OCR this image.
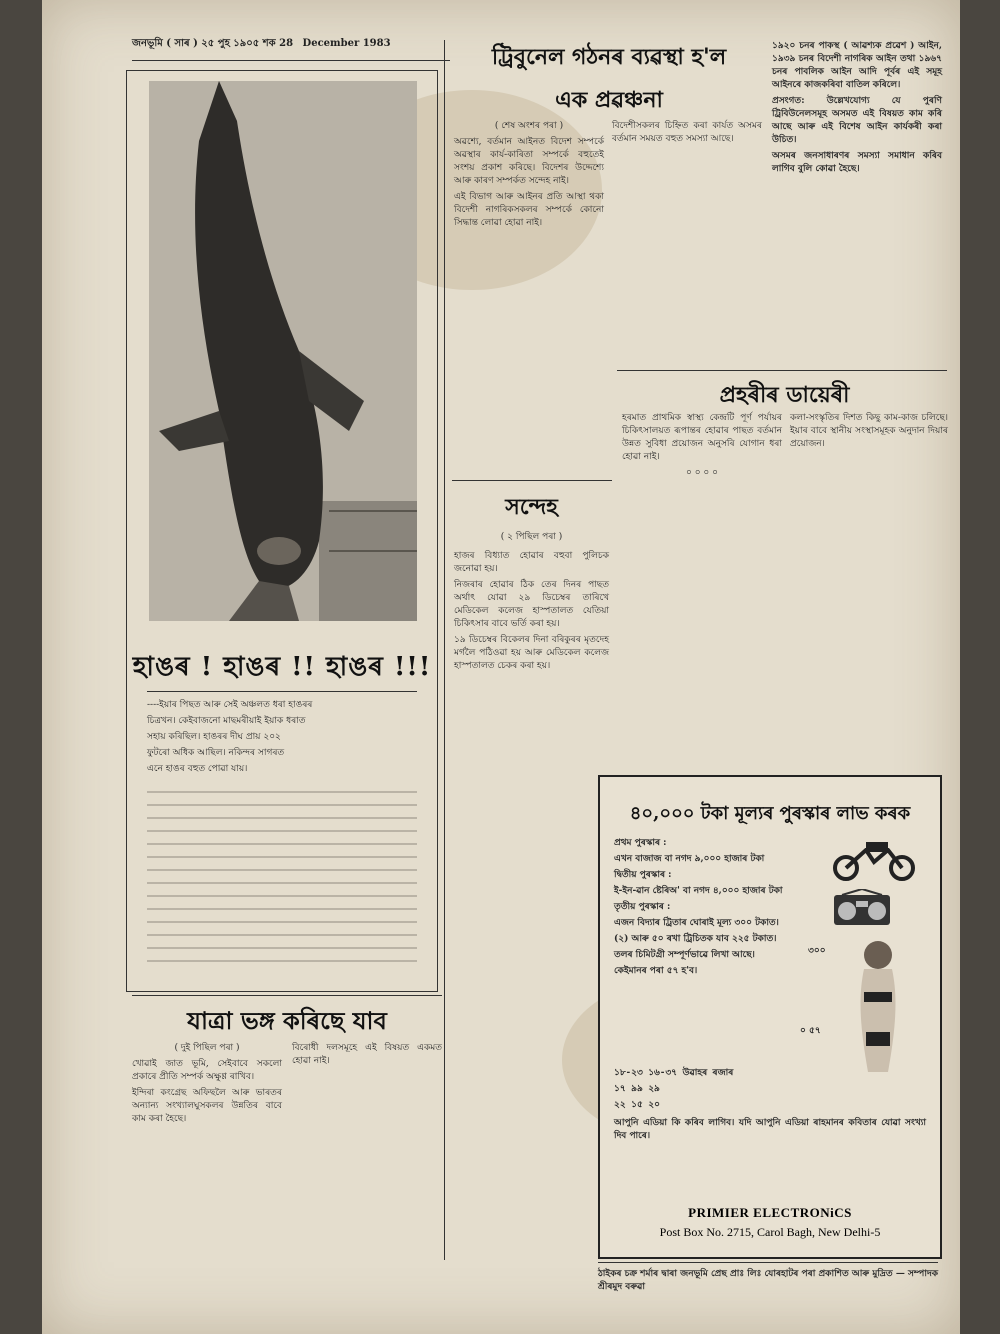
জনভূমি ( সাৰ ) ২৫ পুহ ১৯০৫ শক 28 December 1983
হাঙৰ ! হাঙৰ !! হাঙৰ !!!
----ইয়াৰ পিছত আৰু সেই অঞ্চলত ধৰা হাঙৰৰ
চিত্ৰখন। কেইবাজনো মাছমৰীয়াই ইয়াক ধৰাত
সহায় কৰিছিল। হাঙৰৰ দীঘ প্ৰায় ২০২
ফুটৰো অধিক আছিল। নকিন্দৰ সাগৰত
এনে হাঙৰ বহুত পোৱা যায়।
ট্ৰিবুনেল গঠনৰ ব্যৱস্থা হ'ল
এক প্ৰৱঞ্চনা
( শেষ অংশৰ পৰা )
অৱশ্যে, বৰ্তমান আইনত বিদেশ সম্পৰ্কে অৱস্থাৰ কাৰ্য-কাৰিতা সম্পৰ্কে বহুতেই সংশয় প্ৰকাশ কৰিছে। বিদেশৰ উদ্দেশ্যে আৰু কাৰণ সম্পৰ্কত সন্দেহ নাই।
এই বিভাগ আৰু আইনৰ প্ৰতি আস্থা থকা বিদেশী নাগৰিকসকলৰ সম্পৰ্কে কোনো সিদ্ধান্ত লোৱা হোৱা নাই।
বিদেশীসকলৰ চিহ্নিত কৰা কাৰ্যত অসমৰ বৰ্তমান সময়ত বহুত সমস্যা আছে।
১৯২০ চনৰ পাকস্থ ( আৱশ্যক প্ৰৱেশ ) আইন, ১৯৩৯ চনৰ বিদেশী নাগৰিক আইন তথা ১৯৬৭ চনৰ পাবলিক আইন আদি পূৰ্বৰ এই সমূহ আইনৰে কাজকৰিবা বাতিল কৰিলে।
প্ৰসংগত: উল্লেখযোগ্য যে পুৰণি ট্ৰিবিউনেলসমূহ অসমত এই বিষয়ত কাম কৰি আছে আৰু এই বিশেষ আইন কাৰ্যকৰী কৰা উচিত।
অসমৰ জনসাধাৰণৰ সমস্যা সমাধান কৰিব লাগিব বুলি কোৱা হৈছে।
সন্দেহ
( ২ পিছিল পৰা )
হাজৰ বিধ্যাত হোৱাৰ বহুবা পুলিচক জনোৱা হয়।
নিজৰাৰ হোৱাৰ ঠিক তেৰ দিনৰ পাছত অৰ্থাৎ যোৱা ২৯ ডিচেম্বৰ তাৰিখে মেডিকেল কলেজ হাস্পতালত যেতিয়া চিকিৎসাৰ বাবে ভৰ্তি কৰা হয়।
১৯ ডিচেম্বৰ বিকেলৰ দিনা বৰিকুৰৰ মৃতদেহ মৰ্গলৈ পঠিওৱা হয় আৰু মেডিকেল কলেজ হাস্পতালত চেকৰ কৰা হয়।
প্ৰহৰীৰ ডায়েৰী
হৰমাত প্ৰাথমিক স্বাস্থ্য কেন্দ্ৰটি পূৰ্ণ পৰ্যায়ৰ চিকিৎসালয়ত ৰূপান্তৰ হোৱাৰ পাছত বৰ্তমান উন্নত সুবিধা প্ৰয়োজন অনুসৰি যোগান ধৰা হোৱা নাই।
০ ০ ০ ০
কলা-সংস্কৃতিৰ দিশত কিছু কাম-কাজ চলিছে। ইয়াৰ বাবে স্থানীয় সংস্থাসমূহক অনুদান দিয়াৰ প্ৰয়োজন।
যাত্ৰা ভঙ্গ কৰিছে যাব
( দুই পিছিল পৰা )
খোৱাই জাত ভূমি, সেইবাবে সকলো প্ৰকাৰে প্ৰীতি সম্পৰ্ক অক্ষুণ্ণ ৰাখিব।
ইন্দিৰা কংগ্ৰেছ অফিছলৈ আৰু ভাৰতৰ অন্যান্য সংখ্যালঘুসকলৰ উন্নতিৰ বাবে কাম কৰা হৈছে।
বিৰোধী দলসমূহে এই বিষয়ত একমত হোৱা নাই।
৪০,০০০ টকা মূল্যৰ পুৰস্কাৰ লাভ কৰক
প্ৰথম পুৰস্কাৰ :
এখন বাজাজ বা নগদ ৯,০০০ হাজাৰ টকা
দ্বিতীয় পুৰস্কাৰ :
ই-ইন-ৱান ষ্টেৰিঅ' বা নগদ ৪,০০০ হাজাৰ টকা
তৃতীয় পুৰস্কাৰ :
এজন বিদ্যাৰ ট্ৰিতাৰ ঘোৰাই মূল্য ৩০০ টকাত।
(২) আৰু ৫০ ৰখা ট্ৰিচিতক যাব ২২৫ টকাত।
তলৰ চিমিটগ্ৰী সম্পূৰ্ণভাৱে লিখা আছে।
কেইমানৰ পৰা ৫৭ হ'ব।
৩০০
০ ৫৭
১৮-২৩ ১৬-৩৭ উৱাহৰ ৰজাৰ
১৭ ৯৯ ২৯
২২ ১৫ ২০
আপুনি এডিয়া কি কৰিব লাগিব। যদি আপুনি এডিয়া ৰাহমানৰ কবিতাৰ যোৱা সংখ্যা দিব পাৰে।
PRIMIER ELECTRONiCS
Post Box No. 2715, Carol Bagh, New Delhi-5
ঠাইকৰ চক্ৰ শৰ্মাৰ দ্বাৰা জনভূমি প্ৰেছ প্ৰাঃ লিঃ যোৰহাটৰ পৰা প্ৰকাশিত আৰু মুদ্ৰিত — সম্পাদক শ্ৰীৰমুদ বৰুৱা
